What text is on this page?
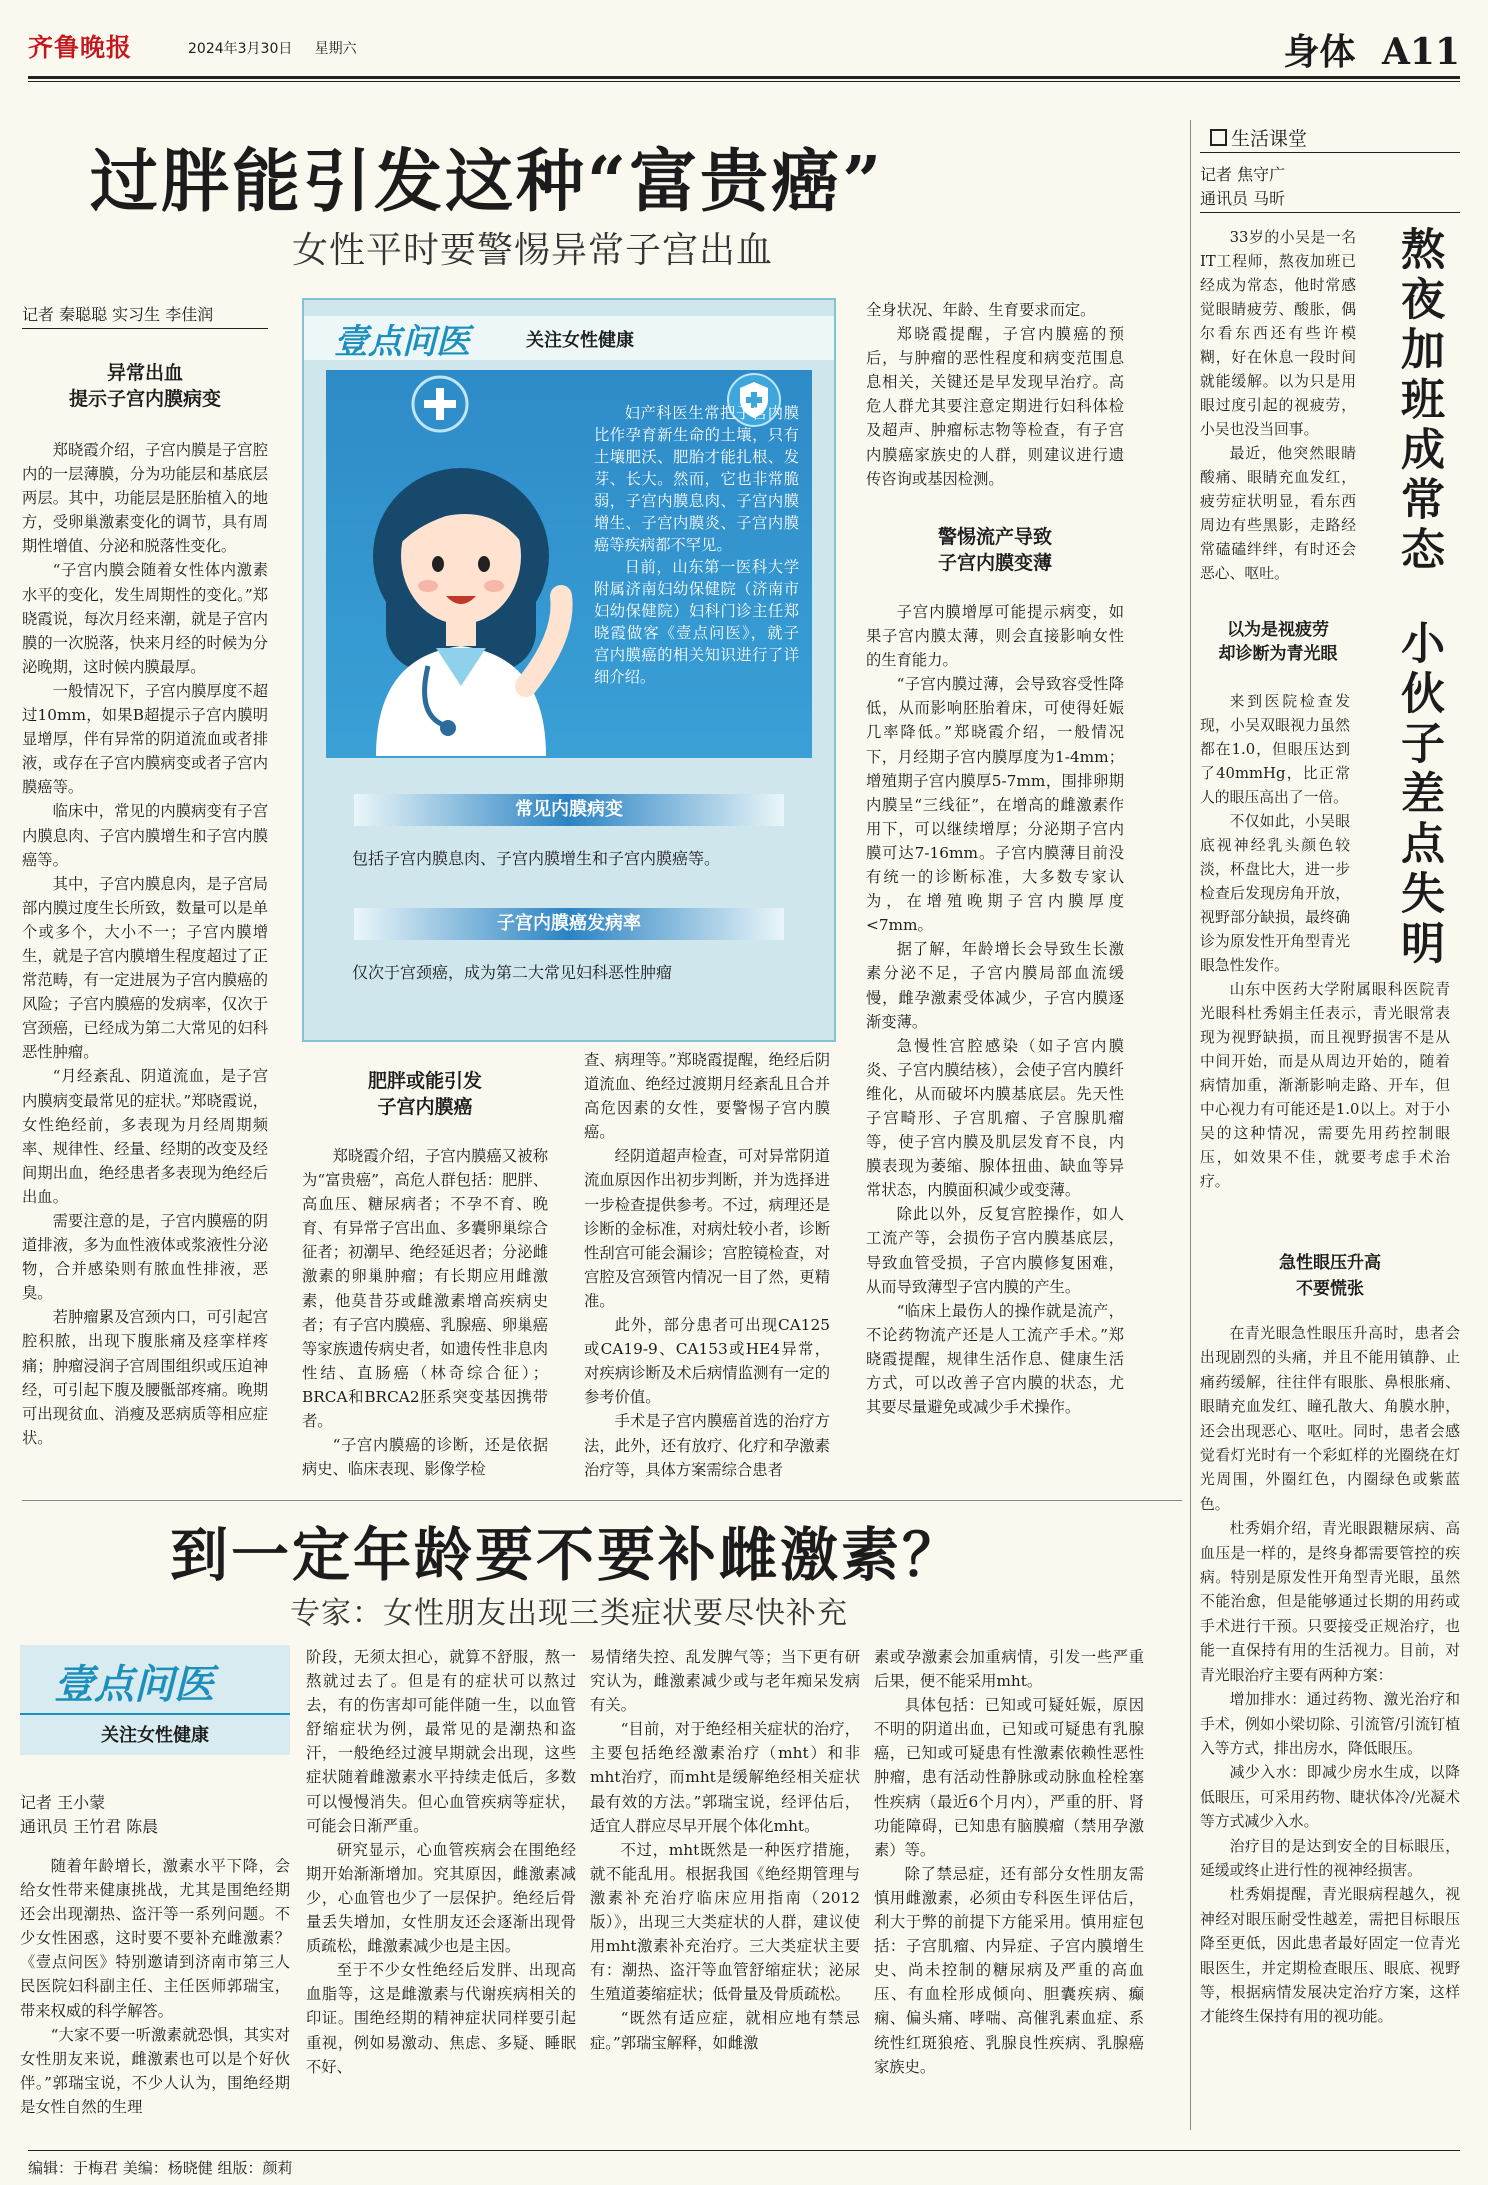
齐鲁晚报	2024年3月30日 星期六	身体 A11
过胖能引发这种“富贵癌”
女性平时要警惕异常子宫出血
记者 秦聪聪 实习生 李佳润
异常出血
提示子宫内膜病变

郑晓霞介绍，子宫内膜是子宫腔内的一层薄膜，分为功能层和基底层两层。其中，功能层是胚胎植入的地方，受卵巢激素变化的调节，具有周期性增值、分泌和脱落性变化。

“子宫内膜会随着女性体内激素水平的变化，发生周期性的变化。”郑晓霞说，每次月经来潮，就是子宫内膜的一次脱落，快来月经的时候为分泌晚期，这时候内膜最厚。

一般情况下，子宫内膜厚度不超过10mm，如果B超提示子宫内膜明显增厚，伴有异常的阴道流血或者排液，或存在子宫内膜病变或者子宫内膜癌等。

临床中，常见的内膜病变有子宫内膜息肉、子宫内膜增生和子宫内膜癌等。

其中，子宫内膜息肉，是子宫局部内膜过度生长所致，数量可以是单个或多个，大小不一；子宫内膜增生，就是子宫内膜增生程度超过了正常范畴，有一定进展为子宫内膜癌的风险；子宫内膜癌的发病率，仅次于宫颈癌，已经成为第二大常见的妇科恶性肿瘤。

“月经紊乱、阴道流血，是子宫内膜病变最常见的症状。”郑晓霞说，女性绝经前，多表现为月经周期频率、规律性、经量、经期的改变及经间期出血，绝经患者多表现为绝经后出血。

需要注意的是，子宫内膜癌的阴道排液，多为血性液体或浆液性分泌物，合并感染则有脓血性排液，恶臭。

若肿瘤累及宫颈内口，可引起宫腔积脓，出现下腹胀痛及痉挛样疼痛；肿瘤浸润子宫周围组织或压迫神经，可引起下腹及腰骶部疼痛。晚期可出现贫血、消瘦及恶病质等相应症状。

壹点问医	关注女性健康

妇产科医生常把子宫内膜比作孕育新生命的土壤，只有土壤肥沃、肥胎才能扎根、发芽、长大。然而，它也非常脆弱，子宫内膜息肉、子宫内膜增生、子宫内膜炎、子宫内膜癌等疾病都不罕见。

日前，山东第一医科大学附属济南妇幼保健院（济南市妇幼保健院）妇科门诊主任郑晓霞做客《壹点问医》，就子宫内膜癌的相关知识进行了详细介绍。

常见内膜病变
包括子宫内膜息肉、子宫内膜增生和子宫内膜癌等。
子宫内膜癌发病率
仅次于宫颈癌，成为第二大常见妇科恶性肿瘤
肥胖或能引发
子宫内膜癌

郑晓霞介绍，子宫内膜癌又被称为“富贵癌”，高危人群包括：肥胖、高血压、糖尿病者；不孕不育、晚育、有异常子宫出血、多囊卵巢综合征者；初潮早、绝经延迟者；分泌雌激素的卵巢肿瘤；有长期应用雌激素，他莫昔芬或雌激素增高疾病史者；有子宫内膜癌、乳腺癌、卵巢癌等家族遗传病史者，如遗传性非息肉性结、直肠癌（林奇综合征）；BRCA和BRCA2胚系突变基因携带者。

“子宫内膜癌的诊断，还是依据病史、临床表现、影像学检

查、病理等。”郑晓霞提醒，绝经后阴道流血、绝经过渡期月经紊乱且合并高危因素的女性，要警惕子宫内膜癌。

经阴道超声检查，可对异常阴道流血原因作出初步判断，并为选择进一步检查提供参考。不过，病理还是诊断的金标准，对病灶较小者，诊断性刮宫可能会漏诊；宫腔镜检查，对宫腔及宫颈管内情况一目了然，更精准。

此外，部分患者可出现CA125或CA19-9、CA153或HE4异常，对疾病诊断及术后病情监测有一定的参考价值。

手术是子宫内膜癌首选的治疗方法，此外，还有放疗、化疗和孕激素治疗等，具体方案需综合患者

全身状况、年龄、生育要求而定。

郑晓霞提醒，子宫内膜癌的预后，与肿瘤的恶性程度和病变范围息息相关，关键还是早发现早治疗。高危人群尤其要注意定期进行妇科体检及超声、肿瘤标志物等检查，有子宫内膜癌家族史的人群，则建议进行遗传咨询或基因检测。

警惕流产导致
子宫内膜变薄

子宫内膜增厚可能提示病变，如果子宫内膜太薄，则会直接影响女性的生育能力。

“子宫内膜过薄，会导致容受性降低，从而影响胚胎着床，可使得妊娠几率降低。”郑晓霞介绍，一般情况下，月经期子宫内膜厚度为1-4mm；增殖期子宫内膜厚5-7mm，围排卵期内膜呈“三线征”，在增高的雌激素作用下，可以继续增厚；分泌期子宫内膜可达7-16mm。子宫内膜薄目前没有统一的诊断标准，大多数专家认为，在增殖晚期子宫内膜厚度<7mm。

据了解，年龄增长会导致生长激素分泌不足，子宫内膜局部血流缓慢，雌孕激素受体减少，子宫内膜逐渐变薄。

急慢性宫腔感染（如子宫内膜炎、子宫内膜结核），会使子宫内膜纤维化，从而破坏内膜基底层。先天性子宫畸形、子宫肌瘤、子宫腺肌瘤等，使子宫内膜及肌层发育不良，内膜表现为萎缩、腺体扭曲、缺血等异常状态，内膜面积减少或变薄。

除此以外，反复宫腔操作，如人工流产等，会损伤子宫内膜基底层，导致血管受损，子宫内膜修复困难，从而导致薄型子宫内膜的产生。

“临床上最伤人的操作就是流产，不论药物流产还是人工流产手术。”郑晓霞提醒，规律生活作息、健康生活方式，可以改善子宫内膜的状态，尤其要尽量避免或减少手术操作。

到一定年龄要不要补雌激素？
专家：女性朋友出现三类症状要尽快补充
壹点问医
关注女性健康
记者 王小蒙
通讯员 王竹君 陈晨

随着年龄增长，激素水平下降，会给女性带来健康挑战，尤其是围绝经期还会出现潮热、盗汗等一系列问题。不少女性困惑，这时要不要补充雌激素？《壹点问医》特别邀请到济南市第三人民医院妇科副主任、主任医师郭瑞宝，带来权威的科学解答。

“大家不要一听激素就恐惧，其实对女性朋友来说，雌激素也可以是个好伙伴。”郭瑞宝说，不少人认为，围绝经期是女性自然的生理

阶段，无须太担心，就算不舒服，熬一熬就过去了。但是有的症状可以熬过去，有的伤害却可能伴随一生，以血管舒缩症状为例，最常见的是潮热和盗汗，一般绝经过渡早期就会出现，这些症状随着雌激素水平持续走低后，多数可以慢慢消失。但心血管疾病等症状，可能会日渐严重。

研究显示，心血管疾病会在围绝经期开始渐渐增加。究其原因，雌激素减少，心血管也少了一层保护。绝经后骨量丢失增加，女性朋友还会逐渐出现骨质疏松，雌激素减少也是主因。

至于不少女性绝经后发胖、出现高血脂等，这是雌激素与代谢疾病相关的印证。围绝经期的精神症状同样要引起重视，例如易激动、焦虑、多疑、睡眠不好、

易情绪失控、乱发脾气等；当下更有研究认为，雌激素减少或与老年痴呆发病有关。

“目前，对于绝经相关症状的治疗，主要包括绝经激素治疗（mht）和非mht治疗，而mht是缓解绝经相关症状最有效的方法。”郭瑞宝说，经评估后，适宜人群应尽早开展个体化mht。

不过，mht既然是一种医疗措施，就不能乱用。根据我国《绝经期管理与激素补充治疗临床应用指南（2012版）》，出现三大类症状的人群，建议使用mht激素补充治疗。三大类症状主要有：潮热、盗汗等血管舒缩症状；泌尿生殖道萎缩症状；低骨量及骨质疏松。

“既然有适应症，就相应地有禁忌症。”郭瑞宝解释，如雌激

素或孕激素会加重病情，引发一些严重后果，便不能采用mht。

具体包括：已知或可疑妊娠，原因不明的阴道出血，已知或可疑患有乳腺癌，已知或可疑患有性激素依赖性恶性肿瘤，患有活动性静脉或动脉血栓栓塞性疾病（最近6个月内），严重的肝、肾功能障碍，已知患有脑膜瘤（禁用孕激素）等。

除了禁忌症，还有部分女性朋友需慎用雌激素，必须由专科医生评估后，利大于弊的前提下方能采用。慎用症包括：子宫肌瘤、内异症、子宫内膜增生史、尚未控制的糖尿病及严重的高血压、有血栓形成倾向、胆囊疾病、癫痫、偏头痛、哮喘、高催乳素血症、系统性红斑狼疮、乳腺良性疾病、乳腺癌家族史。

生活课堂
记者 焦守广
通讯员 马昕

33岁的小吴是一名IT工程师，熬夜加班已经成为常态，他时常感觉眼睛疲劳、酸胀，偶尔看东西还有些许模糊，好在休息一段时间就能缓解。以为只是用眼过度引起的视疲劳，小吴也没当回事。

最近，他突然眼睛酸痛、眼睛充血发红，疲劳症状明显，看东西周边有些黑影，走路经常磕磕绊绊，有时还会恶心、呕吐。	熬夜加班成常态
小伙子差点失明
以为是视疲劳
却诊断为青光眼

来到医院检查发现，小吴双眼视力虽然都在1.0，但眼压达到了40mmHg，比正常人的眼压高出了一倍。

不仅如此，小吴眼底视神经乳头颜色较淡，杯盘比大，进一步检查后发现房角开放，视野部分缺损，最终确诊为原发性开角型青光眼急性发作。

山东中医药大学附属眼科医院青光眼科杜秀娟主任表示，青光眼常表现为视野缺损，而且视野损害不是从中间开始，而是从周边开始的，随着病情加重，渐渐影响走路、开车，但中心视力有可能还是1.0以上。对于小吴的这种情况，需要先用药控制眼压，如效果不佳，就要考虑手术治疗。

急性眼压升高
不要慌张

在青光眼急性眼压升高时，患者会出现剧烈的头痛，并且不能用镇静、止痛药缓解，往往伴有眼胀、鼻根胀痛、眼睛充血发红、瞳孔散大、角膜水肿，还会出现恶心、呕吐。同时，患者会感觉看灯光时有一个彩虹样的光圈绕在灯光周围，外圈红色，内圈绿色或紫蓝色。

杜秀娟介绍，青光眼跟糖尿病、高血压是一样的，是终身都需要管控的疾病。特别是原发性开角型青光眼，虽然不能治愈，但是能够通过长期的用药或手术进行干预。只要接受正规治疗，也能一直保持有用的生活视力。目前，对青光眼治疗主要有两种方案：

增加排水：通过药物、激光治疗和手术，例如小梁切除、引流管/引流钉植入等方式，排出房水，降低眼压。

减少入水：即减少房水生成，以降低眼压，可采用药物、睫状体冷/光凝术等方式减少入水。

治疗目的是达到安全的目标眼压，延缓或终止进行性的视神经损害。

杜秀娟提醒，青光眼病程越久，视神经对眼压耐受性越差，需把目标眼压降至更低，因此患者最好固定一位青光眼医生，并定期检查眼压、眼底、视野等，根据病情发展决定治疗方案，这样才能终生保持有用的视功能。

编辑：于梅君 美编：杨晓健 组版：颜莉
